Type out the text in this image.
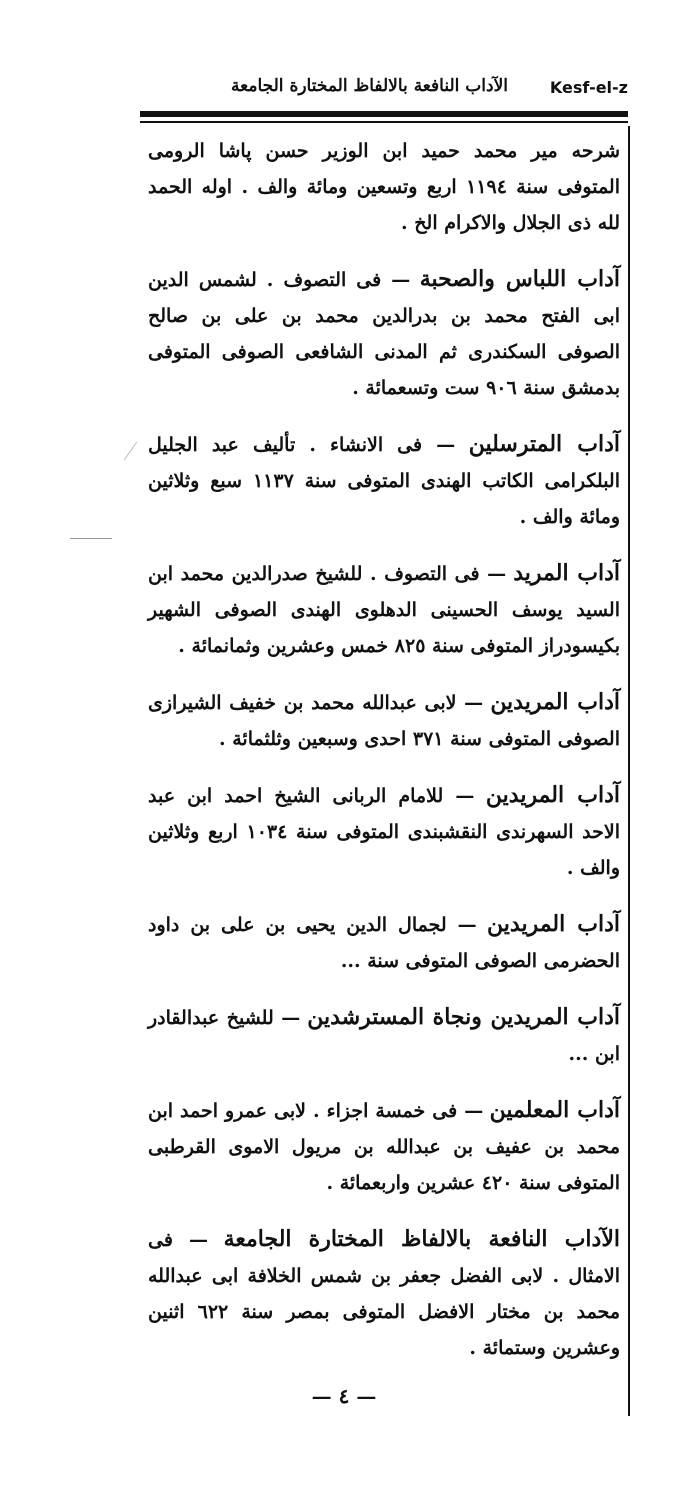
الآداب النافعة بالالفاظ المختارة الجامعة	Kesf-el-z

شرحه مير محمد حميد ابن الوزير حسن پاشا الرومی المتوفی سنة ١١٩٤ اربع وتسعين ومائة والف . اوله الحمد لله ذی الجلال والاكرام الخ .

آداب اللباس والصحبة — فی التصوف . لشمس الدین ابی الفتح محمد بن بدرالدین محمد بن علی بن صالح الصوفی السكندری ثم المدنی الشافعی الصوفی المتوفی بدمشق سنة ٩٠٦ ست وتسعمائة .

آداب المترسلين — فی الانشاء . تألیف عبد الجلیل البلكرامی الكاتب الهندی المتوفی سنة ١١٣٧ سبع وثلاثین ومائة والف .

آداب المريد — فی التصوف . للشیخ صدرالدین محمد ابن السید یوسف الحسینی الدهلوی الهندی الصوفی الشهیر بكیسودراز المتوفی سنة ٨٢٥ خمس وعشرین وثمانمائة .

آداب المريدين — لابی عبدالله محمد بن خفیف الشیرازی الصوفی المتوفی سنة ٣٧١ احدی وسبعین وثلثمائة .

آداب المريدين — للامام الربانی الشیخ احمد ابن عبد الاحد السهرندی النقشبندی المتوفی سنة ١٠٣٤ اربع وثلاثین والف .

آداب المريدين — لجمال الدین یحیی بن علی بن داود الحضرمی الصوفی المتوفی سنة ...

آداب المريدين ونجاة المسترشدين — للشیخ عبدالقادر ابن ...

آداب المعلمين — فی خمسة اجزاء . لابی عمرو احمد ابن محمد بن عفیف بن عبدالله بن مریول الاموی القرطبی المتوفی سنة ٤٢٠ عشرین واربعمائة .

الآداب النافعة بالالفاظ المختارة الجامعة — فی الامثال . لابی الفضل جعفر بن شمس الخلافة ابی عبدالله محمد بن مختار الافضل المتوفی بمصر سنة ٦٢٢ اثنین وعشرین وستمائة .

— ٤ —
